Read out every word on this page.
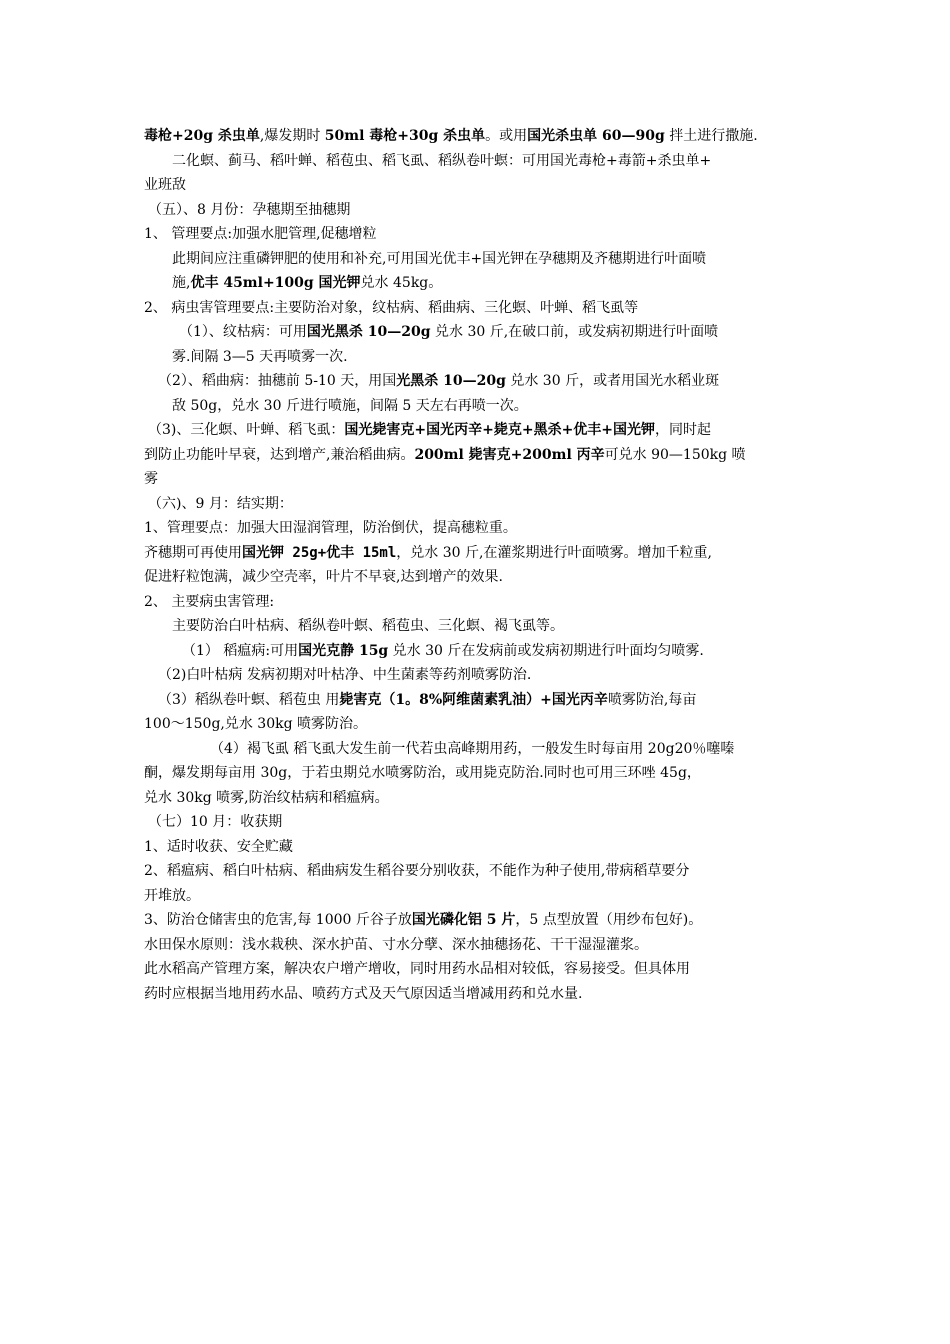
毒枪+20g 杀虫单,爆发期时 50ml 毒枪+30g 杀虫单。或用国光杀虫单 60—90g 拌土进行撒施.

二化螟、蓟马、稻叶蝉、稻苞虫、稻飞虱、稻纵卷叶螟：可用国光毒枪+毒箭+杀虫单+

业班敌

（五）、8 月份：孕穗期至抽穗期

1、 管理要点:加强水肥管理,促穗增粒

此期间应注重磷钾肥的使用和补充,可用国光优丰+国光钾在孕穗期及齐穗期进行叶面喷

施,优丰 45ml+100g 国光钾兑水 45kg。

2、 病虫害管理要点:主要防治对象，纹枯病、稻曲病、三化螟、叶蝉、稻飞虱等

（1）、纹枯病：可用国光黑杀 10—20g 兑水 30 斤,在破口前，或发病初期进行叶面喷

雾.间隔 3—5 天再喷雾一次.

（2）、稻曲病：抽穗前 5-10 天，用国光黑杀 10—20g 兑水 30 斤，或者用国光水稻业斑

敌 50g，兑水 30 斤进行喷施，间隔 5 天左右再喷一次。

（3)、三化螟、叶蝉、稻飞虱：国光毙害克+国光丙辛+毙克+黑杀+优丰+国光钾，同时起

到防止功能叶早衰，达到增产,兼治稻曲病。200ml 毙害克+200ml 丙辛可兑水 90—150kg 喷

雾

（六)、9 月：结实期：

1、管理要点：加强大田湿润管理，防治倒伏，提高穗粒重。

齐穗期可再使用国光钾 25g+优丰 15ml，兑水 30 斤,在灌浆期进行叶面喷雾。增加千粒重,

促进籽粒饱满，减少空壳率，叶片不早衰,达到增产的效果.

2、 主要病虫害管理:

主要防治白叶枯病、稻纵卷叶螟、稻苞虫、三化螟、褐飞虱等。

（1） 稻瘟病:可用国光克静 15g 兑水 30 斤在发病前或发病初期进行叶面均匀喷雾.

（2)白叶枯病 发病初期对叶枯净、中生菌素等药剂喷雾防治.

（3）稻纵卷叶螟、稻苞虫 用毙害克（1。8%阿维菌素乳油）+国光丙辛喷雾防治,每亩

100～150g,兑水 30kg 喷雾防治。

（4）褐飞虱 稻飞虱大发生前一代若虫高峰期用药，一般发生时每亩用 20g20％噻嗪

酮，爆发期每亩用 30g，于若虫期兑水喷雾防治，或用毙克防治.同时也可用三环唑 45g，

兑水 30kg 喷雾,防治纹枯病和稻瘟病。

（七）10 月：收获期

1、适时收获、安全贮藏

2、稻瘟病、稻白叶枯病、稻曲病发生稻谷要分别收获，不能作为种子使用,带病稻草要分

开堆放。

3、防治仓储害虫的危害,每 1000 斤谷子放国光磷化铝 5 片，5 点型放置（用纱布包好)。

水田保水原则：浅水栽秧、深水护苗、寸水分孽、深水抽穗扬花、干干湿湿灌浆。

此水稻高产管理方案，解决农户增产增收，同时用药水品相对较低，容易接受。但具体用

药时应根据当地用药水品、喷药方式及天气原因适当增减用药和兑水量.
